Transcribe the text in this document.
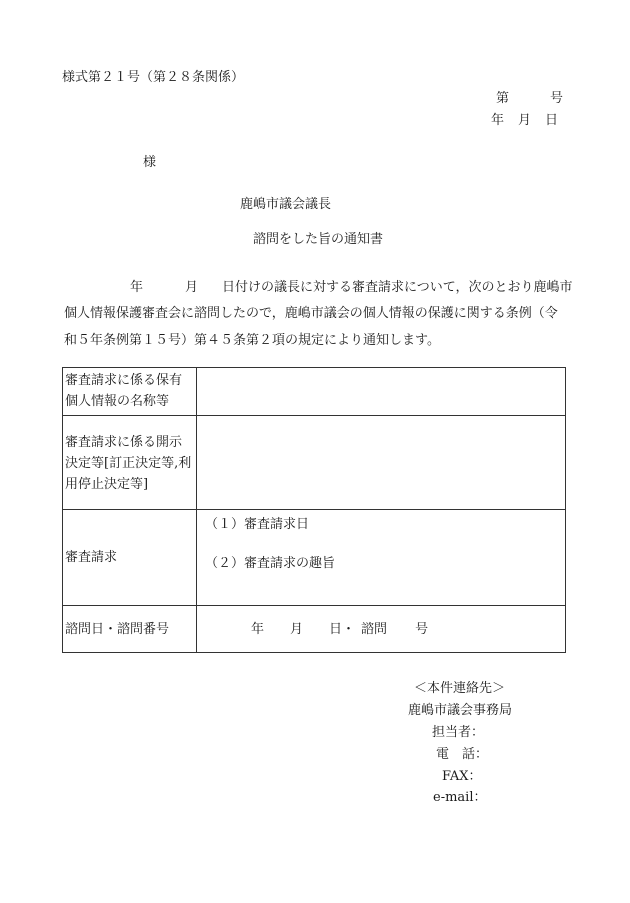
様式第２１号（第２８条関係）
第	号
年 月 日
様
鹿嶋市議会議長
諮問をした旨の通知書
年	月 日付けの議長に対する審査請求について，次のとおり鹿嶋市
個人情報保護審査会に諮問したので，鹿嶋市議会の個人情報の保護に関する条例（令
和５年条例第１５号）第４５条第２項の規定により通知します。
審査請求に係る保有個人情報の名称等	

審査請求に係る開示決定等[訂正決定等,利用停止決定等]	

審査請求	（１）審査請求日
（２）審査請求の趣旨

諮問日・諮問番号	年 月 日・ 諮問 号
＜本件連絡先＞
鹿嶋市議会事務局
担当者：
電　話：
FAX：
e-mail：
